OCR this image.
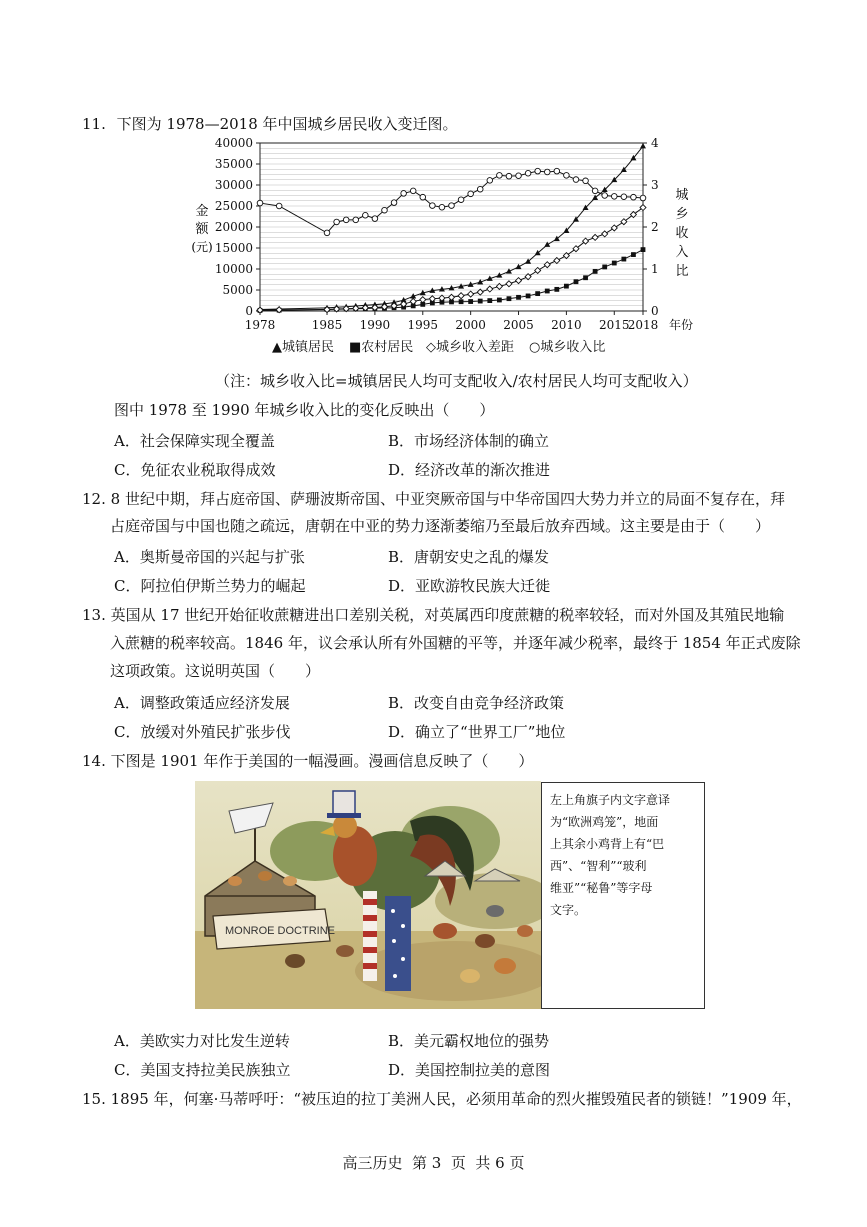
11. 下图为 1978—2018 年中国城乡居民收入变迁图。
0
5000
10000
15000
20000
25000
30000
35000
40000
0
1
2
3
4
1978	1985 1990 1995 2000 2005 2010 2015
2018 年份
金
额
(元)
城
乡
收
入
比
▲城镇居民 ■农村居民 ◇城乡收入差距 ○城乡收入比
（注：城乡收入比=城镇居民人均可支配收入/农村居民人均可支配收入）
图中 1978 至 1990 年城乡收入比的变化反映出（　　）
A．社会保障实现全覆盖	B．市场经济体制的确立
C．免征农业税取得成效	D．经济改革的渐次推进
12. 8 世纪中期，拜占庭帝国、萨珊波斯帝国、中亚突厥帝国与中华帝国四大势力并立的局面不复存在，拜
占庭帝国与中国也随之疏远，唐朝在中亚的势力逐渐萎缩乃至最后放弃西域。这主要是由于（　　）
A．奥斯曼帝国的兴起与扩张	B．唐朝安史之乱的爆发
C．阿拉伯伊斯兰势力的崛起	D．亚欧游牧民族大迁徙
13. 英国从 17 世纪开始征收蔗糖进出口差别关税，对英属西印度蔗糖的税率较轻，而对外国及其殖民地输
入蔗糖的税率较高。1846 年，议会承认所有外国糖的平等，并逐年减少税率，最终于 1854 年正式废除
这项政策。这说明英国（　　）
A．调整政策适应经济发展	B．改变自由竞争经济政策
C．放缓对外殖民扩张步伐	D．确立了“世界工厂”地位
14. 下图是 1901 年作于美国的一幅漫画。漫画信息反映了（　　）
MONROE DOCTRINE
左上角旗子内文字意译
为“欧洲鸡笼”，地面
上其余小鸡背上有“巴
西”、“智利”“玻利
维亚”“秘鲁”等字母
文字。
A．美欧实力对比发生逆转	B．美元霸权地位的强势
C．美国支持拉美民族独立	D．美国控制拉美的意图
15. 1895 年，何塞·马蒂呼吁：“被压迫的拉丁美洲人民，必须用革命的烈火摧毁殖民者的锁链！”1909 年，
高三历史  第 3  页  共 6 页
